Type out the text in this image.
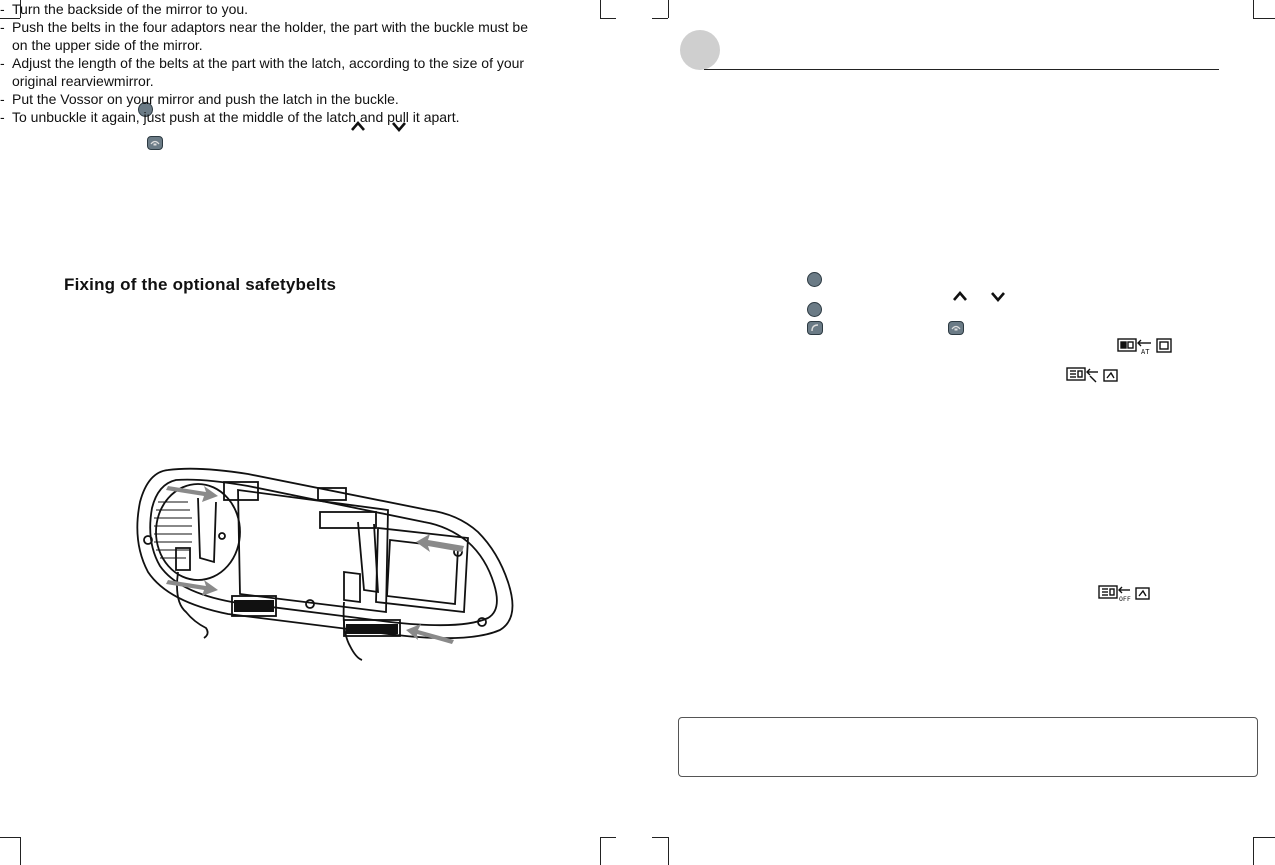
Fixing of the optional safetybelts
- Turn the backside of the mirror to you.
- Push the belts in the four adaptors near the holder, the part with the buckle must be on the upper side of the mirror.
- Adjust the length of the belts at the part with the latch, according to the size of your original rearviewmirror.
- Put the Vossor on your mirror and push the latch in the buckle.
- To unbuckle it again, just push at the middle of the latch and pull it apart.
AT
OFF
